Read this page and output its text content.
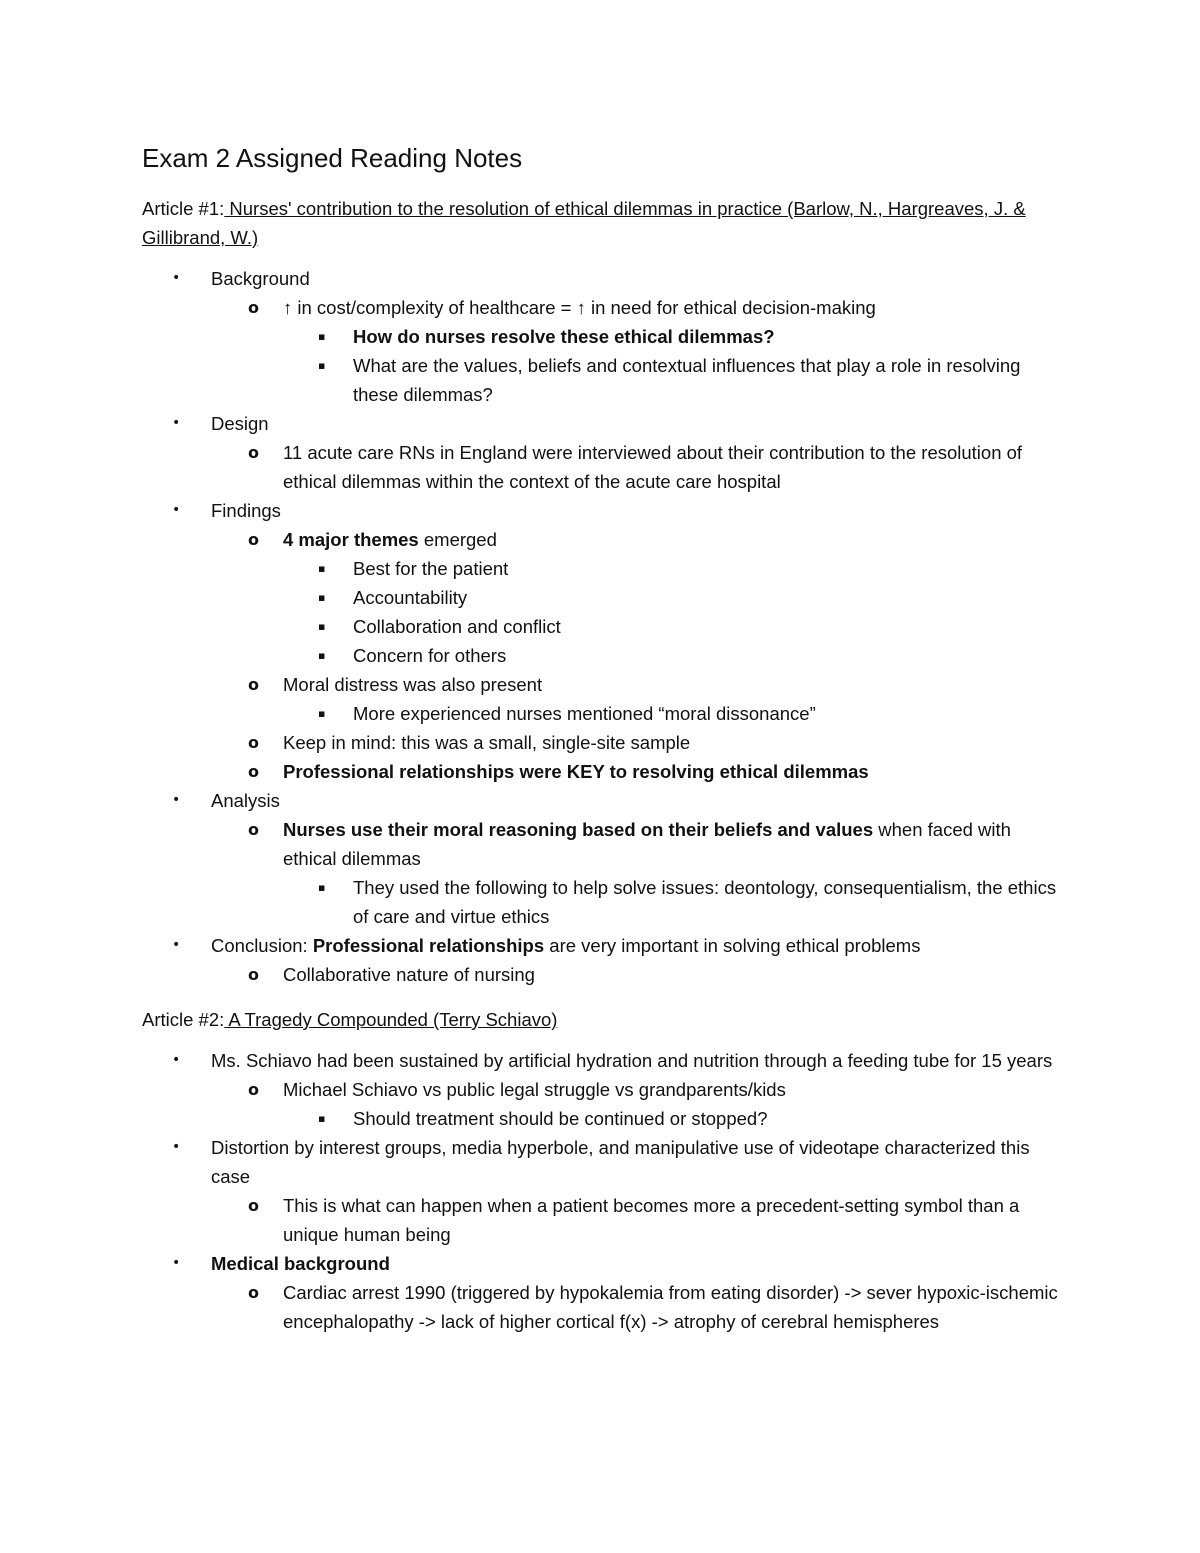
Exam 2 Assigned Reading Notes
Article #1: Nurses' contribution to the resolution of ethical dilemmas in practice (Barlow, N., Hargreaves, J. & Gillibrand, W.)
• Background
o ↑ in cost/complexity of healthcare = ↑ in need for ethical decision-making
▪ How do nurses resolve these ethical dilemmas?
▪ What are the values, beliefs and contextual influences that play a role in resolving these dilemmas?
• Design
o 11 acute care RNs in England were interviewed about their contribution to the resolution of ethical dilemmas within the context of the acute care hospital
• Findings
o 4 major themes emerged
▪ Best for the patient
▪ Accountability
▪ Collaboration and conflict
▪ Concern for others
o Moral distress was also present
▪ More experienced nurses mentioned “moral dissonance”
o Keep in mind: this was a small, single-site sample
o Professional relationships were KEY to resolving ethical dilemmas
• Analysis
o Nurses use their moral reasoning based on their beliefs and values when faced with ethical dilemmas
▪ They used the following to help solve issues: deontology, consequentialism, the ethics of care and virtue ethics
• Conclusion: Professional relationships are very important in solving ethical problems
o Collaborative nature of nursing
Article #2: A Tragedy Compounded (Terry Schiavo)
• Ms. Schiavo had been sustained by artificial hydration and nutrition through a feeding tube for 15 years
o Michael Schiavo vs public legal struggle vs grandparents/kids
▪ Should treatment should be continued or stopped?
• Distortion by interest groups, media hyperbole, and manipulative use of videotape characterized this case
o This is what can happen when a patient becomes more a precedent-setting symbol than a unique human being
• Medical background
o Cardiac arrest 1990 (triggered by hypokalemia from eating disorder) -> sever hypoxic-ischemic encephalopathy -> lack of higher cortical f(x) -> atrophy of cerebral hemispheres
